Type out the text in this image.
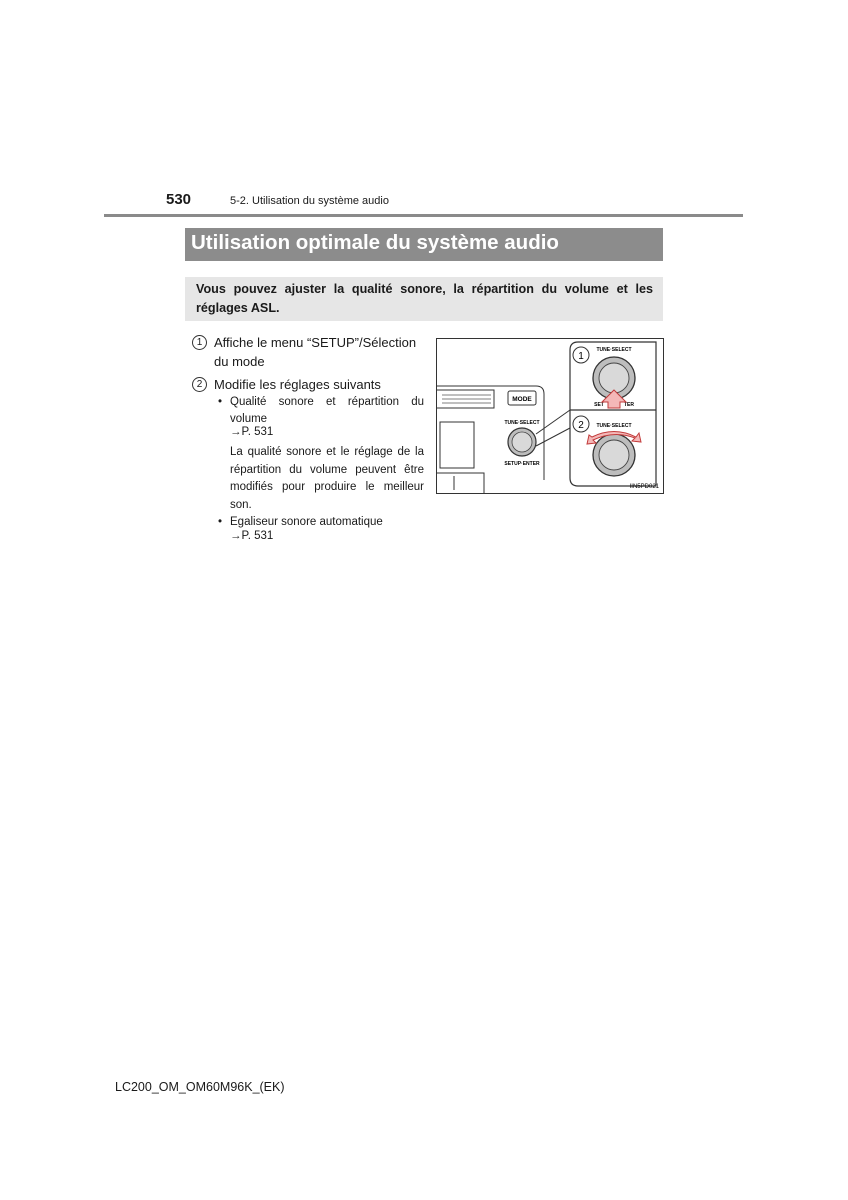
530	5-2. Utilisation du système audio
Utilisation optimale du système audio
Vous pouvez ajuster la qualité sonore, la répartition du volume et les réglages ASL.
1 Affiche le menu “SETUP”/Sélection du mode
2 Modifie les réglages suivants
• Qualité sonore et répartition du volume
→P. 531
La qualité sonore et le réglage de la répartition du volume peuvent être modifiés pour produire le meilleur son.
• Egaliseur sonore automatique
→P. 531
MODE
TUNE·SELECT
SETUP·ENTER
1
TUNE·SELECT
SET	TER
2	TUNE·SELECT
IIN5PD021
LC200_OM_OM60M96K_(EK)
